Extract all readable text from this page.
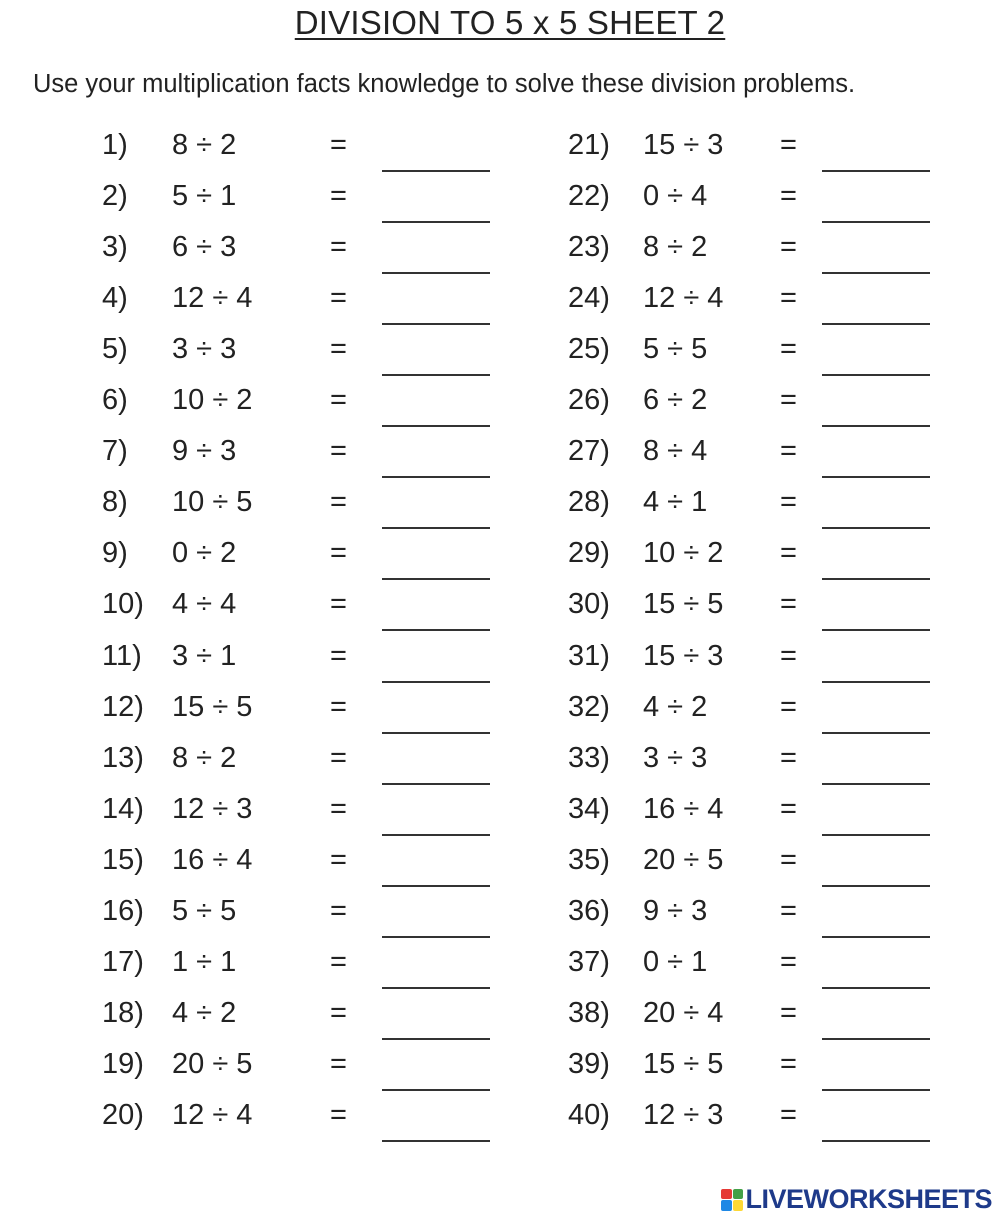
DIVISION TO 5 x 5 SHEET 2
Use your multiplication facts knowledge to solve these division problems.
1) 8 ÷ 2	=
2) 5 ÷ 1	=
3) 6 ÷ 3	=
4) 12 ÷ 4	=
5) 3 ÷ 3	=
6) 10 ÷ 2	=
7) 9 ÷ 3	=
8) 10 ÷ 5	=
9) 0 ÷ 2	=
10) 4 ÷ 4	=
11) 3 ÷ 1	=
12) 15 ÷ 5	=
13) 8 ÷ 2	=
14) 12 ÷ 3	=
15) 16 ÷ 4	=
16) 5 ÷ 5	=
17) 1 ÷ 1	=
18) 4 ÷ 2	=
19) 20 ÷ 5	=
20) 12 ÷ 4	=
21) 15 ÷ 3 =
22) 0 ÷ 4	=
23) 8 ÷ 2	=
24) 12 ÷ 4 =
25) 5 ÷ 5	=
26) 6 ÷ 2	=
27) 8 ÷ 4	=
28) 4 ÷ 1	=
29) 10 ÷ 2 =
30) 15 ÷ 5 =
31) 15 ÷ 3 =
32) 4 ÷ 2	=
33) 3 ÷ 3	=
34) 16 ÷ 4 =
35) 20 ÷ 5 =
36) 9 ÷ 3	=
37) 0 ÷ 1	=
38) 20 ÷ 4 =
39) 15 ÷ 5 =
40) 12 ÷ 3 =
LIVEWORKSHEETS
